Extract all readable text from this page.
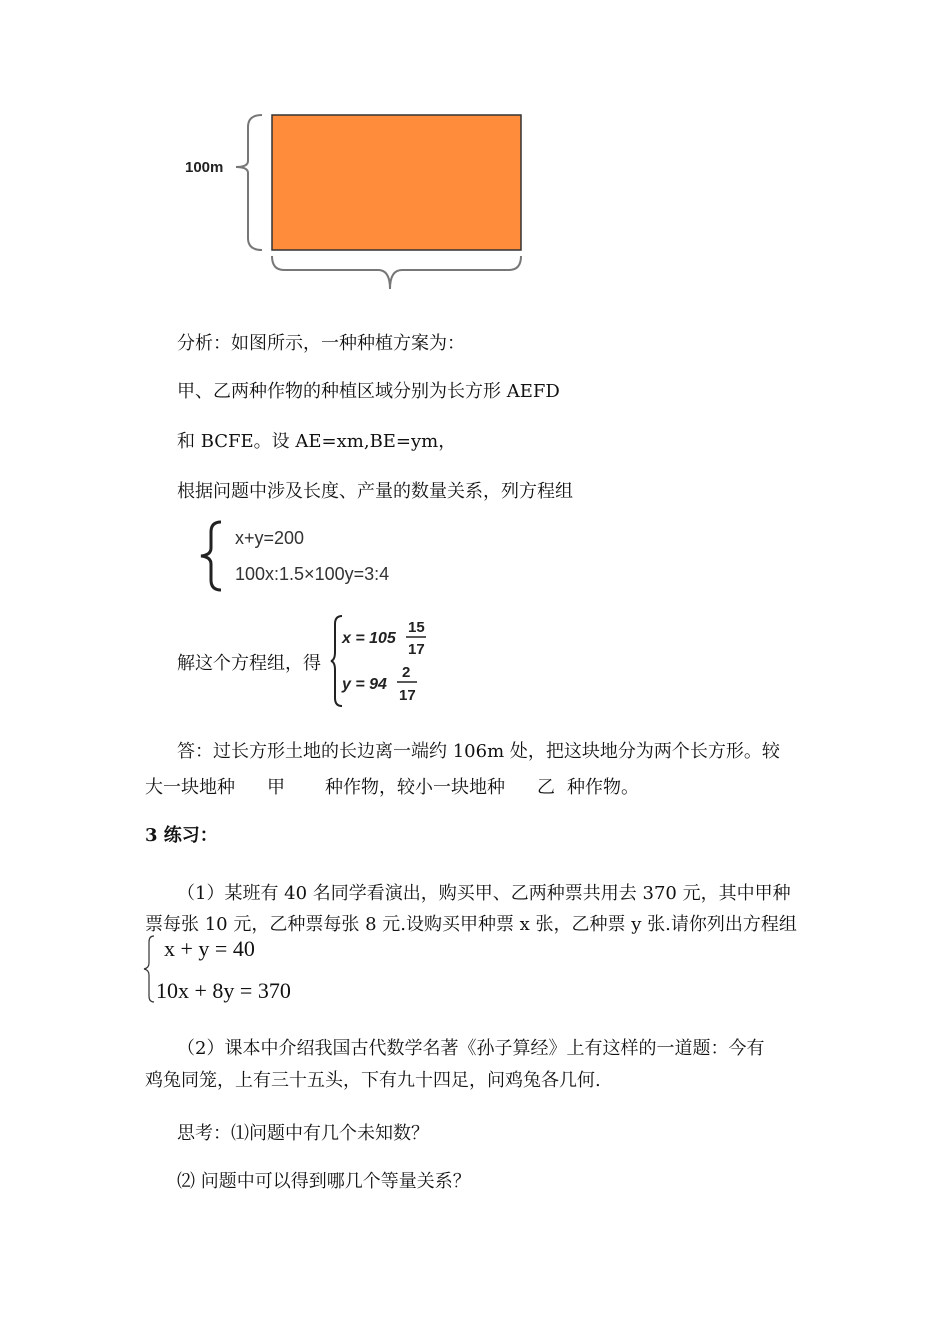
100m
分析：如图所示，一种种植方案为：
甲、乙两种作物的种植区域分别为长方形 AEFD
和 BCFE。设 AE=xm,BE=ym，
根据问题中涉及长度、产量的数量关系，列方程组
x+y=200
100x:1.5×100y=3:4
解这个方程组，得
x = 105
15
17
y = 94
2
17
答：过长方形土地的长边离一端约 106m 处，把这块地分为两个长方形。较
大一块地种 甲 种作物，较小一块地种 乙 种作物。
3 练习：
（1）某班有 40 名同学看演出，购买甲、乙两种票共用去 370 元，其中甲种
票每张 10 元，乙种票每张 8 元.设购买甲种票 x 张，乙种票 y 张.请你列出方程组
x + y = 40
10x + 8y = 370
（2）课本中介绍我国古代数学名著《孙子算经》上有这样的一道题：今有
鸡兔同笼，上有三十五头，下有九十四足，问鸡兔各几何.
思考：⑴问题中有几个未知数？
⑵ 问题中可以得到哪几个等量关系？
